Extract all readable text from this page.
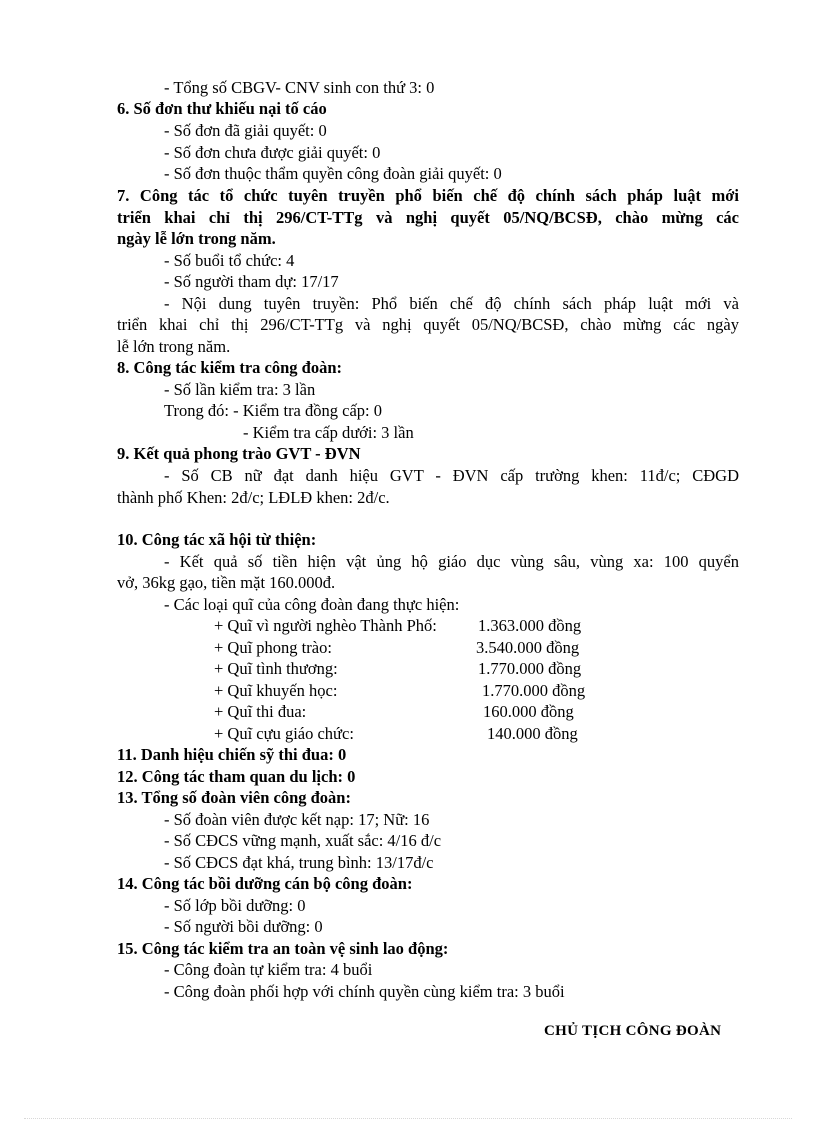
- Tổng số CBGV- CNV sinh con thứ 3: 0
6. Số đơn thư khiếu nại tố cáo
- Số đơn đã giải quyết: 0
- Số đơn chưa được giải quyết: 0
- Số đơn thuộc thẩm quyền công đoàn giải quyết: 0
7. Công tác tổ chức tuyên truyền phổ biến chế độ chính sách pháp luật mới
triển khai chỉ thị 296/CT-TTg và nghị quyết 05/NQ/BCSĐ, chào mừng các
ngày lễ lớn trong năm.
- Số buổi tổ chức: 4
- Số người tham dự: 17/17
- Nội dung tuyên truyền: Phổ biến chế độ chính sách pháp luật mới và
triển khai chỉ thị 296/CT-TTg và nghị quyết 05/NQ/BCSĐ, chào mừng các ngày
lễ lớn trong năm.
8. Công tác kiểm tra công đoàn:
- Số lần kiểm tra: 3 lần
Trong đó: - Kiểm tra đồng cấp: 0
- Kiểm tra cấp dưới: 3 lần
9. Kết quả phong trào GVT - ĐVN
- Số CB nữ đạt danh hiệu GVT - ĐVN cấp trường khen: 11đ/c; CĐGD
thành phố Khen: 2đ/c; LĐLĐ khen: 2đ/c.
10. Công tác xã hội từ thiện:
- Kết quả số tiền hiện vật ủng hộ giáo dục vùng sâu, vùng xa: 100 quyển
vở, 36kg gạo, tiền mặt 160.000đ.
- Các loại quĩ của công đoàn đang thực hiện:
+ Quĩ vì người nghèo Thành Phố: 1.363.000 đồng
+ Quĩ phong trào:	3.540.000 đồng
+ Quĩ tình thương:	1.770.000 đồng
+ Quĩ khuyến học:	1.770.000 đồng
+ Quĩ thi đua:	160.000 đồng
+ Quĩ cựu giáo chức:	140.000 đồng
11. Danh hiệu chiến sỹ thi đua: 0
12. Công tác tham quan du lịch: 0
13. Tổng số đoàn viên công đoàn:
- Số đoàn viên được kết nạp: 17; Nữ: 16
- Số CĐCS vững mạnh, xuất sắc: 4/16 đ/c
- Số CĐCS đạt khá, trung bình: 13/17đ/c
14. Công tác bồi dưỡng cán bộ công đoàn:
- Số lớp bồi dưỡng: 0
- Số người bồi dưỡng: 0
15. Công tác kiểm tra an toàn vệ sinh lao động:
- Công đoàn tự kiểm tra: 4 buổi
- Công đoàn phối hợp với chính quyền cùng kiểm tra: 3 buổi
CHỦ TỊCH CÔNG ĐOÀN
